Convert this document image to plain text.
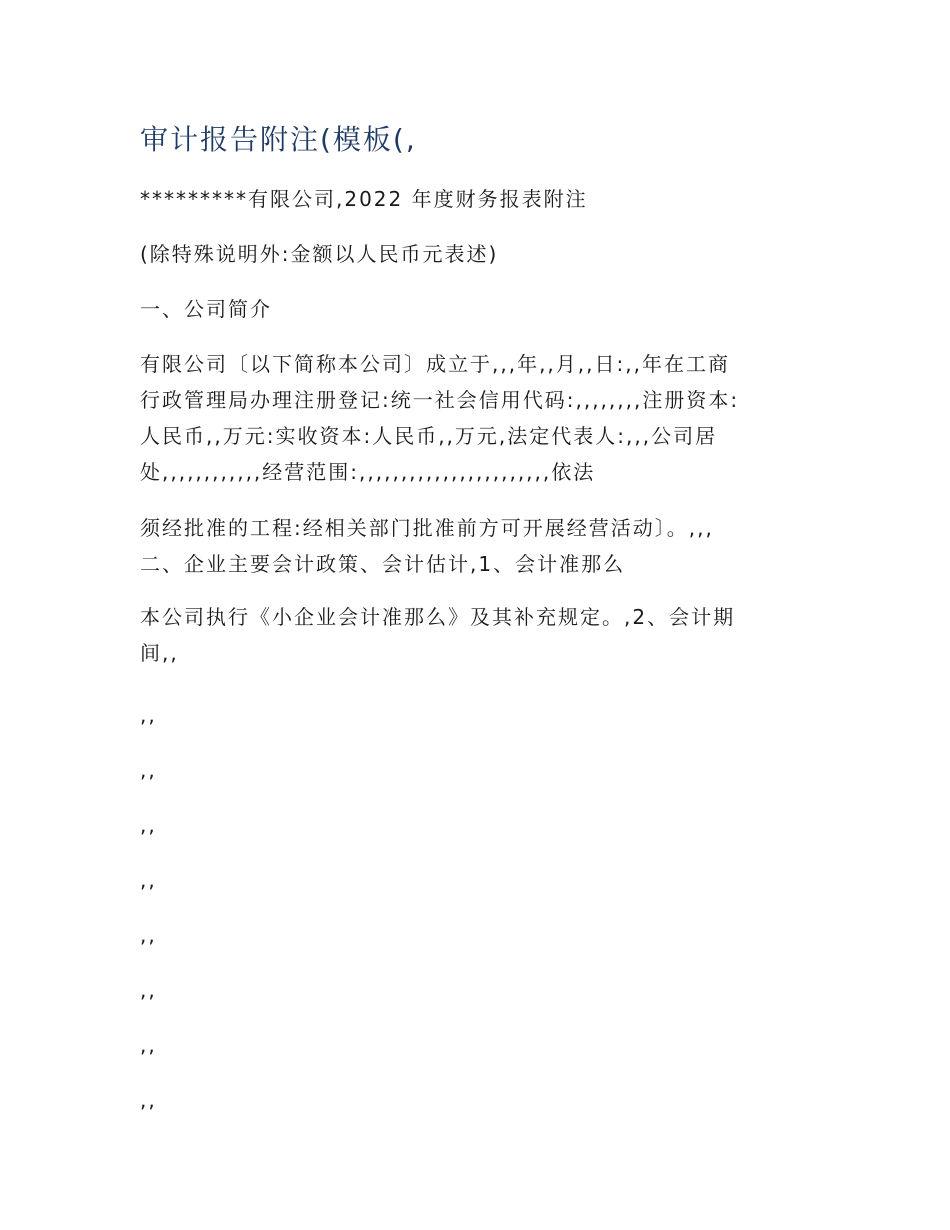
审计报告附注(模板(,
*********有限公司,2022 年度财务报表附注
(除特殊说明外:金额以人民币元表述)
一、公司简介
有限公司〔以下简称本公司〕成立于,,,年,,月,,日:,,年在工商
行政管理局办理注册登记:统一社会信用代码:,,,,,,,,注册资本:
人民币,,万元:实收资本:人民币,,万元,法定代表人:,,,公司居
处,,,,,,,,,,,,经营范围:,,,,,,,,,,,,,,,,,,,,,,,依法
须经批准的工程:经相关部门批准前方可开展经营活动〕。,,,
二、企业主要会计政策、会计估计,1、会计准那么
本公司执行《小企业会计准那么》及其补充规定。,2、会计期
间,,
,,
,,
,,
,,
,,
,,
,,
,,
